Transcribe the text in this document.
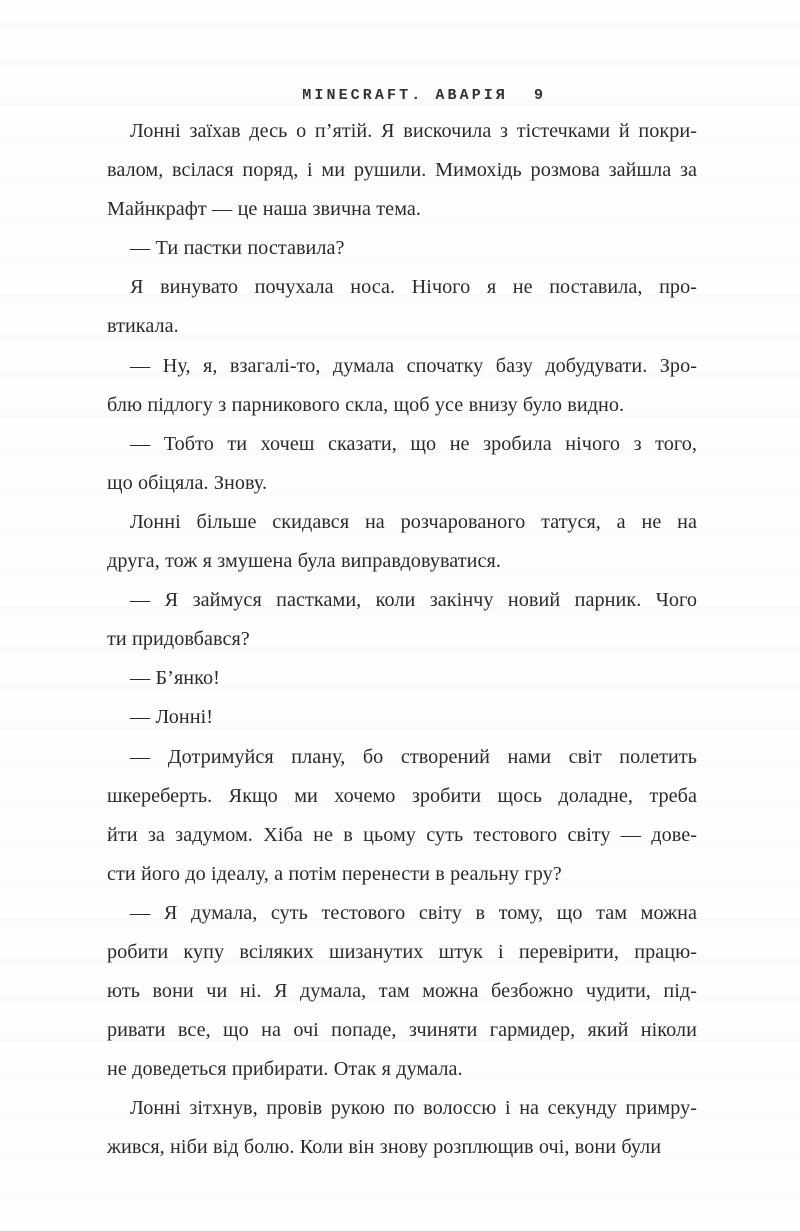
MINECRAFT. АВАРІЯ 9

Лонні заїхав десь о п’ятій. Я вискочила з тістечками й покри-
валом, всілася поряд, і ми рушили. Мимохідь розмова зайшла за
Майнкрафт — це наша звична тема.

— Ти пастки поставила?

Я винувато почухала носа. Нічого я не поставила, про-
втикала.

— Ну, я, взагалі-то, думала спочатку базу добудувати. Зро-
блю підлогу з парникового скла, щоб усе внизу було видно.

— Тобто ти хочеш сказати, що не зробила нічого з того,
що обіцяла. Знову.

Лонні більше скидався на розчарованого татуся, а не на
друга, тож я змушена була виправдовуватися.

— Я займуся пастками, коли закінчу новий парник. Чого
ти придовбався?

— Б’янко!

— Лонні!

— Дотримуйся плану, бо створений нами світ полетить
шкереберть. Якщо ми хочемо зробити щось доладне, треба
йти за задумом. Хіба не в цьому суть тестового світу — дове-
сти його до ідеалу, а потім перенести в реальну гру?

— Я думала, суть тестового світу в тому, що там можна
робити купу всіляких шизанутих штук і перевірити, працю-
ють вони чи ні. Я думала, там можна безбожно чудити, під-
ривати все, що на очі попаде, зчиняти гармидер, який ніколи
не доведеться прибирати. Отак я думала.

Лонні зітхнув, провів рукою по волоссю і на секунду примру-
жився, ніби від болю. Коли він знову розплющив очі, вони були
